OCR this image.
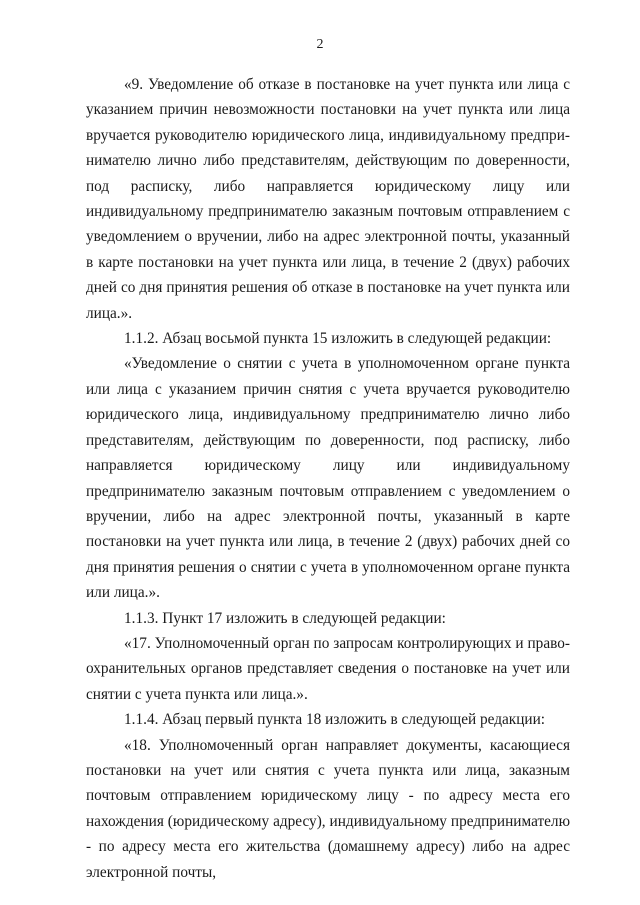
2

«9. Уведомление об отказе в постановке на учет пункта или лица с указанием причин невозможности постановки на учет пункта или лица вручается руководителю юридического лица, индивидуальному предпринимателю лично либо представителям, действующим по доверенности, под расписку, либо направляется юридическому лицу или индивидуальному предпринимателю заказным почтовым отправлением с уведомлением о вручении, либо на адрес электронной почты, указанный в карте постановки на учет пункта или лица, в течение 2 (двух) рабочих дней со дня принятия решения об отказе в постановке на учет пункта или лица.».

1.1.2. Абзац восьмой пункта 15 изложить в следующей редакции:

«Уведомление о снятии с учета в уполномоченном органе пункта или лица с указанием причин снятия с учета вручается руководителю юридического лица, индивидуальному предпринимателю лично либо представителям, действующим по доверенности, под расписку, либо направляется юридическому лицу или индивидуальному предпринимателю заказным почтовым отправлением с уведомлением о вручении, либо на адрес электронной почты, указанный в карте постановки на учет пункта или лица, в течение 2 (двух) рабочих дней со дня принятия решения о снятии с учета в уполномоченном органе пункта или лица.».

1.1.3. Пункт 17 изложить в следующей редакции:

«17. Уполномоченный орган по запросам контролирующих и правоохранительных органов представляет сведения о постановке на учет или снятии с учета пункта или лица.».

1.1.4. Абзац первый пункта 18 изложить в следующей редакции:

«18. Уполномоченный орган направляет документы, касающиеся постановки на учет или снятия с учета пункта или лица, заказным почтовым отправлением юридическому лицу - по адресу места его нахождения (юридическому адресу), индивидуальному предпринимателю - по адресу места его жительства (домашнему адресу) либо на адрес электронной почты,
